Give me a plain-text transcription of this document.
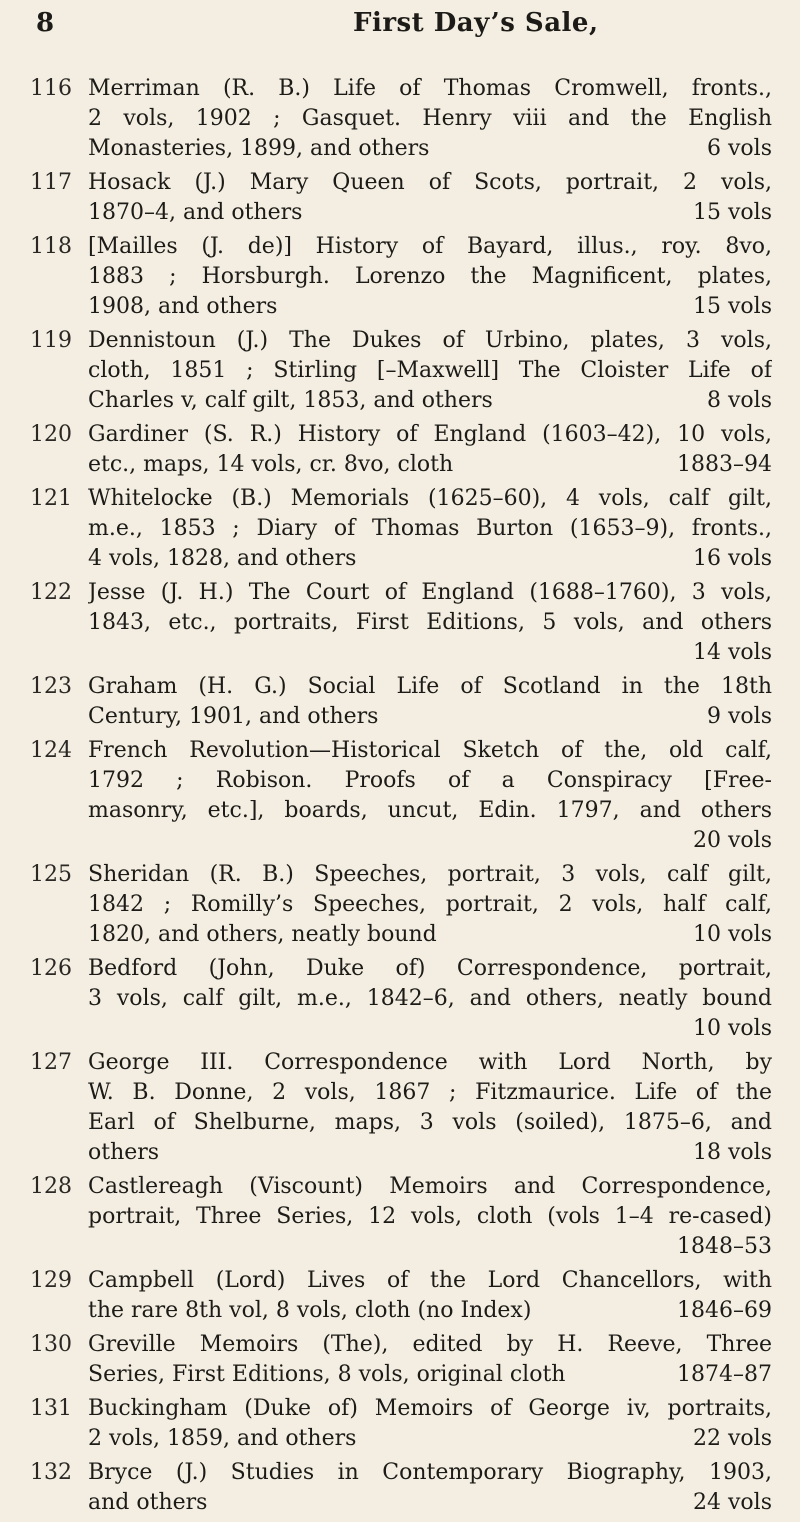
8	First Day’s Sale,
116 Merriman (R. B.) Life of Thomas Cromwell, fronts.,
2 vols, 1902 ; Gasquet. Henry viii and the English
Monasteries, 1899, and others	6 vols
117 Hosack (J.) Mary Queen of Scots, portrait, 2 vols,
1870–4, and others	15 vols
118 [Mailles (J. de)] History of Bayard, illus., roy. 8vo,
1883 ; Horsburgh. Lorenzo the Magnificent, plates,
1908, and others	15 vols
119 Dennistoun (J.) The Dukes of Urbino, plates, 3 vols,
cloth, 1851 ; Stirling [–Maxwell] The Cloister Life of
Charles v, calf gilt, 1853, and others	8 vols
120 Gardiner (S. R.) History of England (1603–42), 10 vols,
etc., maps, 14 vols, cr. 8vo, cloth	1883–94
121 Whitelocke (B.) Memorials (1625–60), 4 vols, calf gilt,
m.e., 1853 ; Diary of Thomas Burton (1653–9), fronts.,
4 vols, 1828, and others	16 vols
122 Jesse (J. H.) The Court of England (1688–1760), 3 vols,
1843, etc., portraits, First Editions, 5 vols, and others
14 vols
123 Graham (H. G.) Social Life of Scotland in the 18th
Century, 1901, and others	9 vols
124 French Revolution—Historical Sketch of the, old calf,
1792 ; Robison. Proofs of a Conspiracy [Free-
masonry, etc.], boards, uncut, Edin. 1797, and others
20 vols
125 Sheridan (R. B.) Speeches, portrait, 3 vols, calf gilt,
1842 ; Romilly’s Speeches, portrait, 2 vols, half calf,
1820, and others, neatly bound	10 vols
126 Bedford (John, Duke of) Correspondence, portrait,
3 vols, calf gilt, m.e., 1842–6, and others, neatly bound
10 vols
127 George III. Correspondence with Lord North, by
W. B. Donne, 2 vols, 1867 ; Fitzmaurice. Life of the
Earl of Shelburne, maps, 3 vols (soiled), 1875–6, and
others	18 vols
128 Castlereagh (Viscount) Memoirs and Correspondence,
portrait, Three Series, 12 vols, cloth (vols 1–4 re-cased)
1848–53
129 Campbell (Lord) Lives of the Lord Chancellors, with
the rare 8th vol, 8 vols, cloth (no Index)	1846–69
130 Greville Memoirs (The), edited by H. Reeve, Three
Series, First Editions, 8 vols, original cloth	1874–87
131 Buckingham (Duke of) Memoirs of George iv, portraits,
2 vols, 1859, and others	22 vols
132 Bryce (J.) Studies in Contemporary Biography, 1903,
and others	24 vols
